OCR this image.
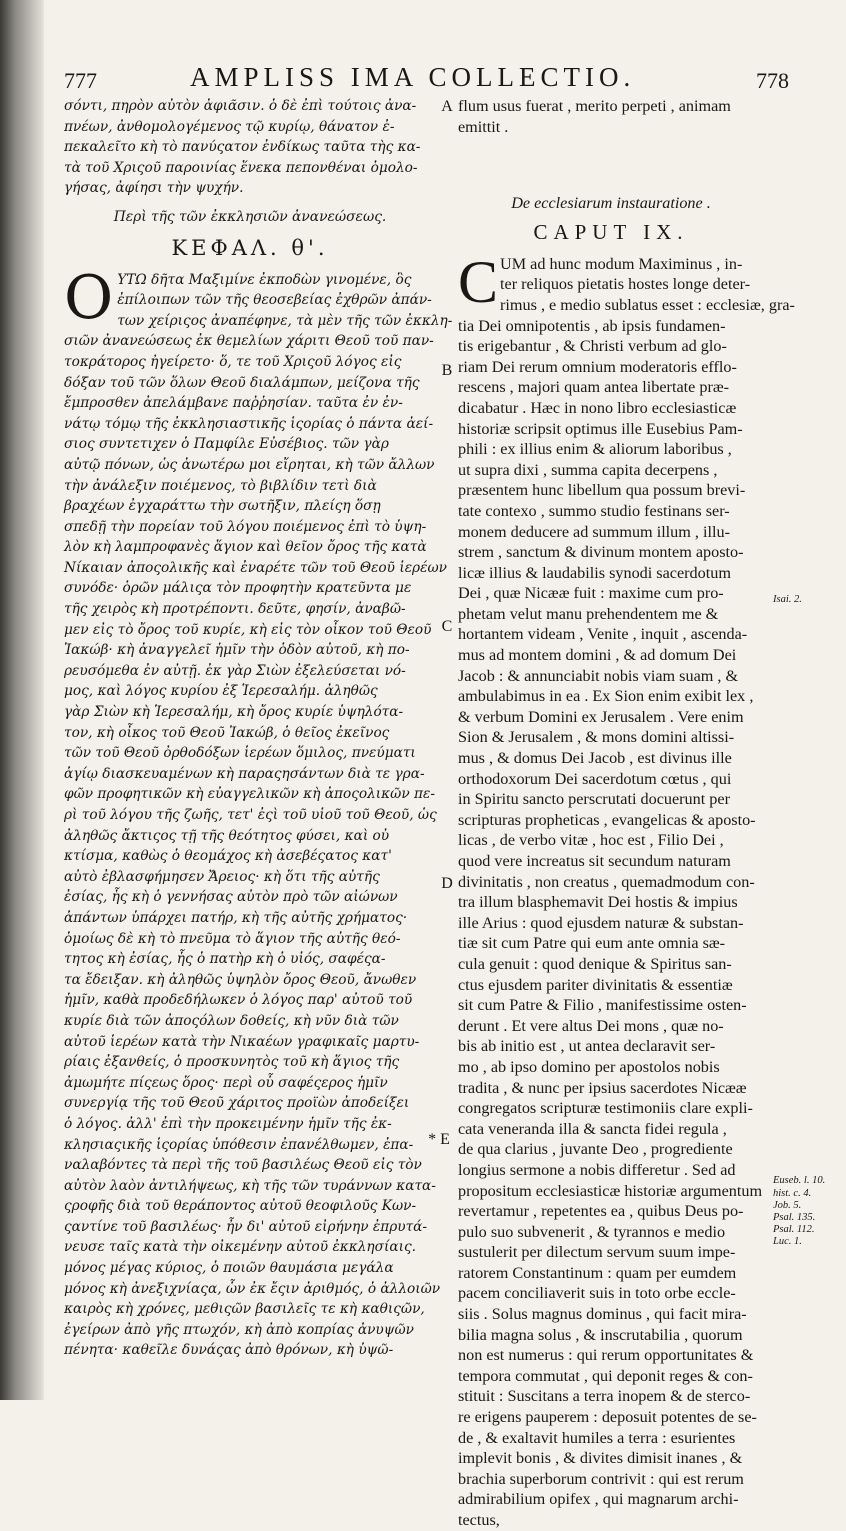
777	AMPLISS IMA COLLECTIO.	778
σόντι, πηρὸν αὐτὸν ἀφιᾶσιν. ὁ δὲ ἐπὶ τούτοις ἀνα-
πνέων, ἀνθομολογέμενος τῷ κυρίῳ, θάνατον ἐ-
πεκαλεῖτο κὴ τὸ πανύςατον ἐνδίκως ταῦτα τὴς κα-
τὰ τοῦ Χριςοῦ παροινίας ἕνεκα πεπονθέναι ὁμολο-
γήσας, ἀφίησι τὴν ψυχήν.
Περὶ τῆς τῶν ἐκκλησιῶν ἀνανεώσεως.
ΚΕΦΑΛ. θ'.
Ο ΥΤΩ δῆτα Μαξιμίνε ἐκποδὼν γινομένε, ὃς
ἐπίλοιπων τῶν τῆς θεοσεβείας ἐχθρῶν ἀπάν-
των χείριςος ἀναπέφηνε, τὰ μὲν τῆς τῶν ἐκκλη-
σιῶν ἀνανεώσεως ἐκ θεμελίων χάριτι Θεοῦ τοῦ παν-
τοκράτορος ἠγείρετο· ὅ, τε τοῦ Χριςοῦ λόγος εἰς
δόξαν τοῦ τῶν ὅλων Θεοῦ διαλάμπων, μείζονα τῆς
ἔμπροσθεν ἀπελάμβανε παῤῥησίαν. ταῦτα ἐν ἐν-
νάτῳ τόμῳ τῆς ἐκκλησιαστικῆς ἱςορίας ὁ πάντα ἀεί-
σιος συντετιχεν ὁ Παμφίλε Εὐσέβιος. τῶν γὰρ
αὐτῷ πόνων, ὡς ἀνωτέρω μοι εἴρηται, κὴ τῶν ἄλλων
τὴν ἀνάλεξιν ποιέμενος, τὸ βιβλίδιν τετὶ διὰ
βραχέων ἐγχαράττω τὴν σωτῆξιν, πλείςη ὅσῃ
σπεδῇ τὴν πορείαν τοῦ λόγου ποιέμενος ἐπὶ τὸ ὑψη-
λὸν κὴ λαμπροφανὲς ἅγιον καὶ θεῖον ὄρος τῆς κατὰ
Νίκαιαν ἀποςολικῆς καὶ ἐναρέτε τῶν τοῦ Θεοῦ ἱερέων
συνόδε· ὁρῶν μάλιςα τὸν προφητὴν κρατεῦντα με
τῆς χειρὸς κὴ προτρέποντι. δεῦτε, φησίν, ἀναβῶ-
μεν εἰς τὸ ὄρος τοῦ κυρίε, κὴ εἰς τὸν οἶκον τοῦ Θεοῦ
Ἰακώβ· κὴ ἀναγγελεῖ ἡμῖν τὴν ὁδὸν αὐτοῦ, κὴ πο-
ρευσόμεθα ἐν αὐτῇ. ἐκ γὰρ Σιὼν ἐξελεύσεται νό-
μος, καὶ λόγος κυρίου ἐξ Ἱερεσαλήμ. ἀληθῶς
γὰρ Σιὼν κὴ Ἱερεσαλήμ, κὴ ὄρος κυρίε ὑψηλότα-
τον, κὴ οἶκος τοῦ Θεοῦ Ἰακώβ, ὁ θεῖος ἐκεῖνος
τῶν τοῦ Θεοῦ ὀρθοδόξων ἱερέων ὅμιλος, πνεύματι
ἁγίῳ διασκευαμένων κὴ παραςησάντων διὰ τε γρα-
φῶν προφητικῶν κὴ εὐαγγελικῶν κὴ ἀποςολικῶν πε-
ρὶ τοῦ λόγου τῆς ζωῆς, τετ' ἐςὶ τοῦ υἱοῦ τοῦ Θεοῦ, ὡς
ἀληθῶς ἄκτιςος τῇ τῆς θεότητος φύσει, καὶ οὐ
κτίσμα, καθὼς ὁ θεομάχος κὴ ἀσεβέςατος κατ'
αὐτὸ ἐβλασφήμησεν Ἄρειος· κὴ ὅτι τῆς αὐτῆς
ἐσίας, ἧς κὴ ὁ γεννήσας αὐτὸν πρὸ τῶν αἰώνων
ἁπάντων ὑπάρχει πατήρ, κὴ τῆς αὐτῆς χρήματος·
ὁμοίως δὲ κὴ τὸ πνεῦμα τὸ ἅγιον τῆς αὐτῆς θεό-
τητος κὴ ἐσίας, ἧς ὁ πατὴρ κὴ ὁ υἱός, σαφέςα-
τα ἔδειξαν. κὴ ἀληθῶς ὑψηλὸν ὄρος Θεοῦ, ἄνωθεν
ἡμῖν, καθὰ προδεδήλωκεν ὁ λόγος παρ' αὐτοῦ τοῦ
κυρίε διὰ τῶν ἀποςόλων δοθείς, κὴ νῦν διὰ τῶν
αὐτοῦ ἱερέων κατὰ τὴν Νικαέων γραφικαῖς μαρτυ-
ρίαις ἐξανθείς, ὁ προσκυνητὸς τοῦ κὴ ἅγιος τῆς
ἀμωμήτε πίςεως ὅρος· περὶ οὗ σαφέςερος ἡμῖν
συνεργίᾳ τῆς τοῦ Θεοῦ χάριτος προϊὼν ἀποδείξει
ὁ λόγος. ἀλλ' ἐπὶ τὴν προκειμένην ἡμῖν τῆς ἐκ-
κλησιαςικῆς ἱςορίας ὑπόθεσιν ἐπανέλθωμεν, ἐπα-
ναλαβόντες τὰ περὶ τῆς τοῦ βασιλέως Θεοῦ εἰς τὸν
αὐτὸν λαὸν ἀντιλήψεως, κὴ τῆς τῶν τυράννων κατα-
ςροφῆς διὰ τοῦ θεράποντος αὐτοῦ θεοφιλοῦς Κων-
ςαντίνε τοῦ βασιλέως· ἦν δι' αὐτοῦ εἰρήνην ἐπρυτά-
νευσε ταῖς κατὰ τὴν οἰκεμένην αὐτοῦ ἐκκλησίαις.
μόνος μέγας κύριος, ὁ ποιῶν θαυμάσια μεγάλα
μόνος κὴ ἀνεξιχνίαςα, ὧν ἐκ ἔςιν ἀριθμός, ὁ ἀλλοιῶν
καιρὸς κὴ χρόνες, μεθιςῶν βασιλεῖς τε κὴ καθιςῶν,
ἐγείρων ἀπὸ γῆς πτωχόν, κὴ ἀπὸ κοπρίας ἀνυψῶν
πένητα· καθεῖλε δυνάςας ἀπὸ θρόνων, κὴ ὑψῶ-
A
B
C
D
* E
flum usus fuerat , merito perpeti , animam
emittit .
De ecclesiarum instauratione .
CAPUT IX.
C UM ad hunc modum Maximinus , in-
ter reliquos pietatis hostes longe deter-
rimus , e medio sublatus esset : ecclesiæ, gra-
tia Dei omnipotentis , ab ipsis fundamen-
tis erigebantur , & Christi verbum ad glo-
riam Dei rerum omnium moderatoris efflo-
rescens , majori quam antea libertate præ-
dicabatur . Hæc in nono libro ecclesiasticæ
historiæ scripsit optimus ille Eusebius Pam-
phili : ex illius enim & aliorum laboribus ,
ut supra dixi , summa capita decerpens ,
præsentem hunc libellum qua possum brevi-
tate contexo , summo studio festinans ser-
monem deducere ad summum illum , illu-
strem , sanctum & divinum montem aposto-
licæ illius & laudabilis synodi sacerdotum
Dei , quæ Nicææ fuit : maxime cum pro-
phetam velut manu prehendentem me &
hortantem videam , Venite , inquit , ascenda-
mus ad montem domini , & ad domum Dei
Jacob : & annunciabit nobis viam suam , &
ambulabimus in ea . Ex Sion enim exibit lex ,
& verbum Domini ex Jerusalem . Vere enim
Sion & Jerusalem , & mons domini altissi-
mus , & domus Dei Jacob , est divinus ille
orthodoxorum Dei sacerdotum cœtus , qui
in Spiritu sancto perscrutati docuerunt per
scripturas propheticas , evangelicas & aposto-
licas , de verbo vitæ , hoc est , Filio Dei ,
quod vere increatus sit secundum naturam
divinitatis , non creatus , quemadmodum con-
tra illum blasphemavit Dei hostis & impius
ille Arius : quod ejusdem naturæ & substan-
tiæ sit cum Patre qui eum ante omnia sæ-
cula genuit : quod denique & Spiritus san-
ctus ejusdem pariter divinitatis & essentiæ
sit cum Patre & Filio , manifestissime osten-
derunt . Et vere altus Dei mons , quæ no-
bis ab initio est , ut antea declaravit ser-
mo , ab ipso domino per apostolos nobis
tradita , & nunc per ipsius sacerdotes Nicææ
congregatos scripturæ testimoniis clare expli-
cata veneranda illa & sancta fidei regula ,
de qua clarius , juvante Deo , progrediente
longius sermone a nobis differetur . Sed ad
propositum ecclesiasticæ historiæ argumentum
revertamur , repetentes ea , quibus Deus po-
pulo suo subvenerit , & tyrannos e medio
sustulerit per dilectum servum suum impe-
ratorem Constantinum : quam per eumdem
pacem conciliaverit suis in toto orbe eccle-
siis . Solus magnus dominus , qui facit mira-
bilia magna solus , & inscrutabilia , quorum
non est numerus : qui rerum opportunitates &
tempora commutat , qui deponit reges & con-
stituit : Suscitans a terra inopem & de sterco-
re erigens pauperem : deposuit potentes de se-
de , & exaltavit humiles a terra : esurientes
implevit bonis , & divites dimisit inanes , &
brachia superborum contrivit : qui est rerum
admirabilium opifex , qui magnarum archi-
tectus,
Isai. 2.
Euseb. l. 10. hist. c. 4.
Job. 5.
Psal. 135.
Psal. 112.
Luc. 1.
